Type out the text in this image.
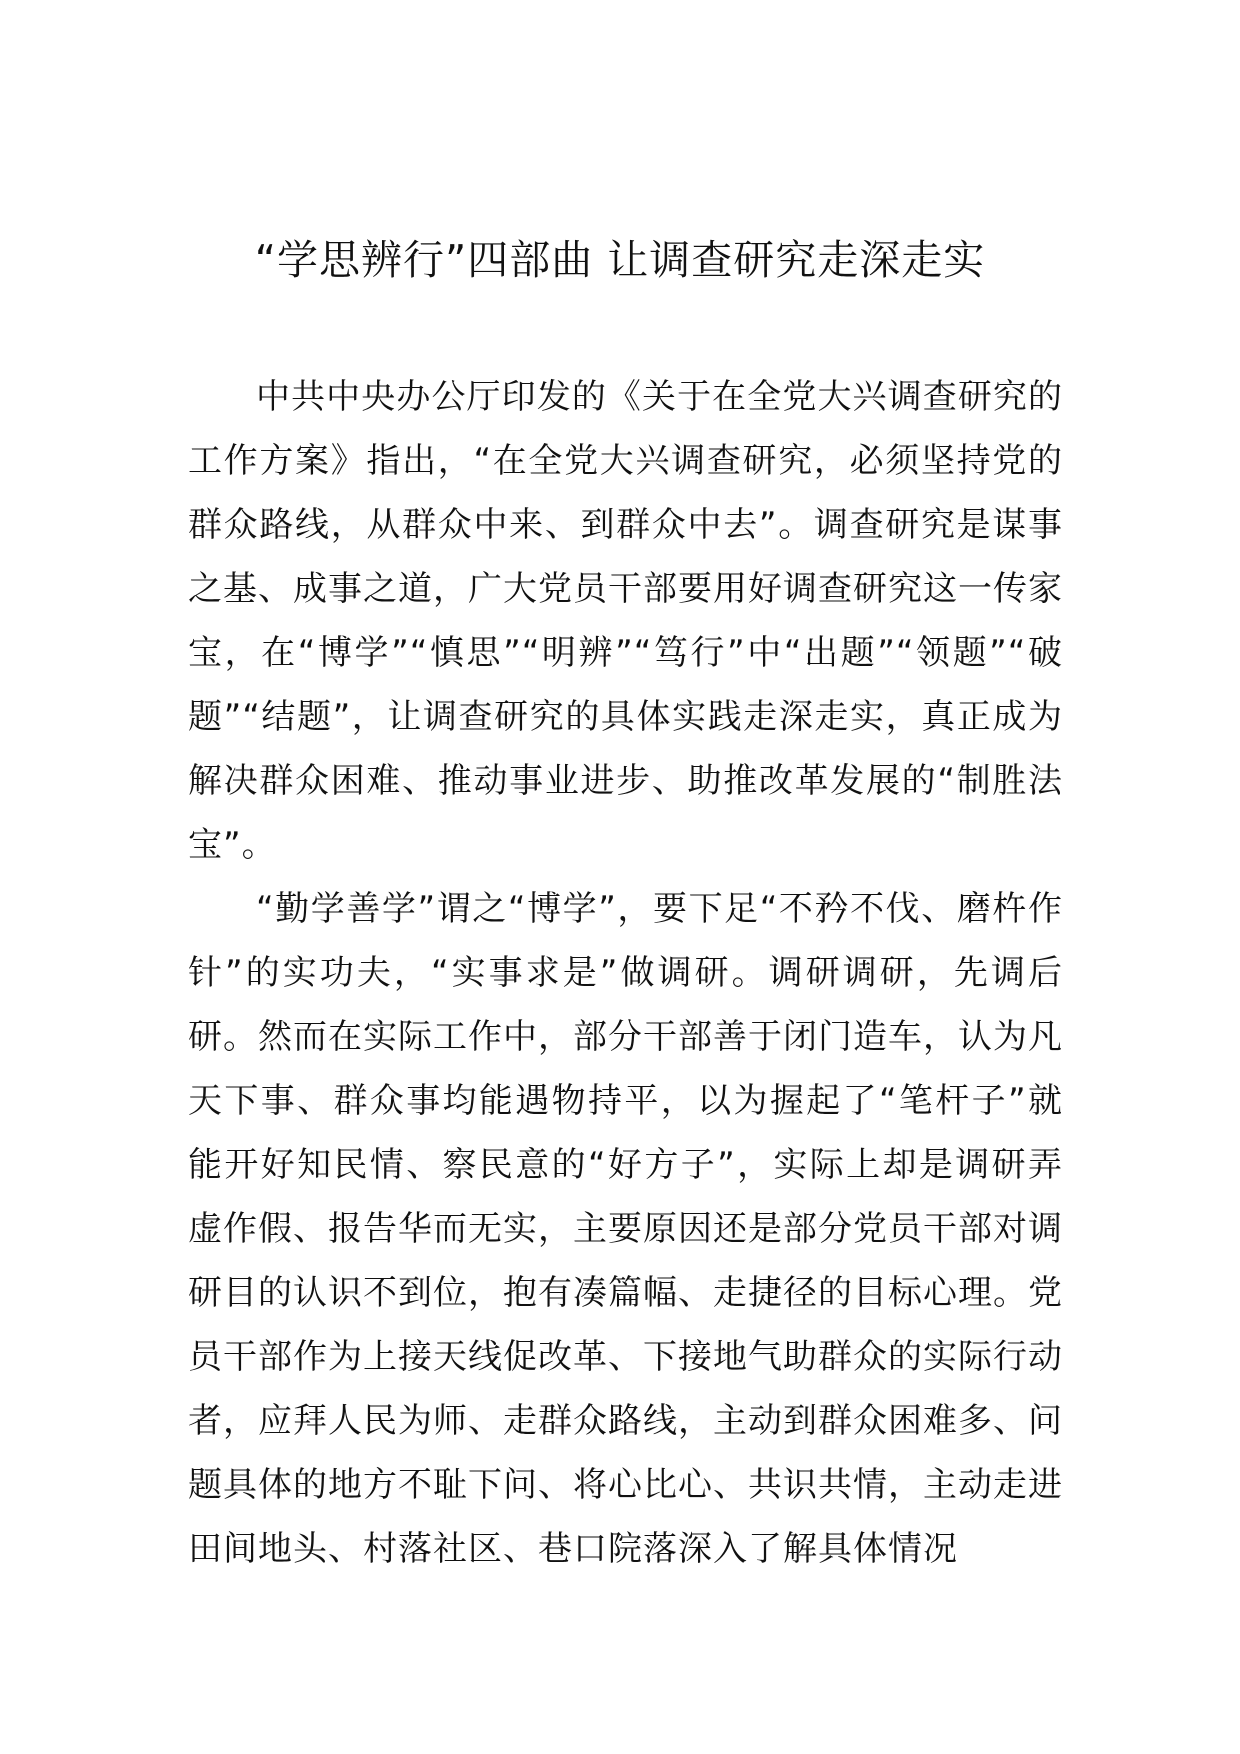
“学思辨行”四部曲 让调查研究走深走实

中共中央办公厅印发的《关于在全党大兴调查研究的工作方案》指出，“在全党大兴调查研究，必须坚持党的群众路线，从群众中来、到群众中去”。调查研究是谋事之基、成事之道，广大党员干部要用好调查研究这一传家宝，在“博学”“慎思”“明辨”“笃行”中“出题”“领题”“破题”“结题”，让调查研究的具体实践走深走实，真正成为解决群众困难、推动事业进步、助推改革发展的“制胜法宝”。

“勤学善学”谓之“博学”，要下足“不矜不伐、磨杵作针”的实功夫，“实事求是”做调研。调研调研，先调后研。然而在实际工作中，部分干部善于闭门造车，认为凡天下事、群众事均能遇物持平，以为握起了“笔杆子”就能开好知民情、察民意的“好方子”，实际上却是调研弄虚作假、报告华而无实，主要原因还是部分党员干部对调研目的认识不到位，抱有凑篇幅、走捷径的目标心理。党员干部作为上接天线促改革、下接地气助群众的实际行动者，应拜人民为师、走群众路线，主动到群众困难多、问题具体的地方不耻下问、将心比心、共识共情，主动走进田间地头、村落社区、巷口院落深入了解具体情况
